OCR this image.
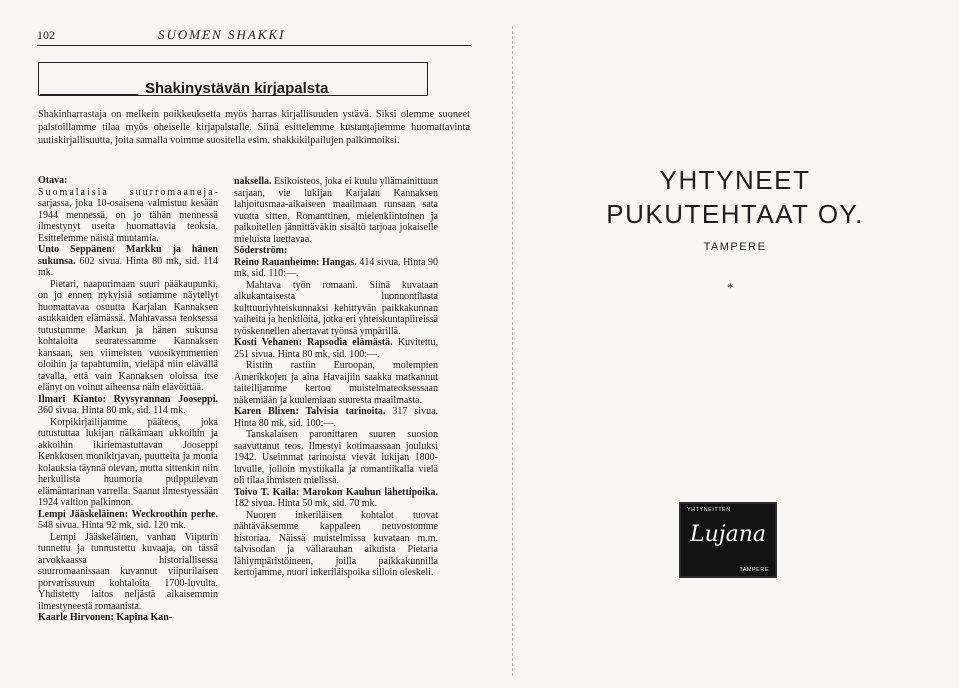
102	SUOMEN SHAKKI
Shakinystävän kirjapalsta
Shakinharrastaja on melkein poikkeuksetta myös harras kirjallisuuden ystävä. Siksi olemme suoneet palstoillamme tilaa myös oheiselle kirjapalstalle. Siinä esittelemme kustantajiemme huomattavinta uutiskirjallisuutta, joita samalla voimme suositella esim. shakkikilpailujen palkinnoiksi.

Otava:

Suomalaisia suurromaaneja-sarjassa, joka 10-osaisena valmistuu kesään 1944 mennessä, on jo tähän mennessä ilmestynyt useita huomattavia teoksia. Esittelemme näistä muutamia.

Unto Seppänen: Markku ja hänen sukunsa. 602 sivua. Hinta 80 mk, sid. 114 mk.

Pietari, naapurimaan suuri pääkaupunki, on jo ennen nykyisiä sotiamme näytellyt huomattavaa osuutta Karjalan Kannaksen asukkaiden elämässä. Mahtavassa teoksessa tutustumme Markun ja hänen sukunsa kohtaloita seuratessamme Kannaksen kansaan, sen viimeisten vuosikymmenien oloihin ja tapahtumiin, vieläpä niin elävällä tavalla, että vain Kannaksen oloissa itse elänyt on voinut aiheensa näin elävöittää.

Ilmari Kianto: Ryysyrannan Jooseppi. 360 sivua. Hinta 80 mk, sid. 114 mk.

Korpikirjailijamme pääteos, joka tutustuttaa lukijan nälkämaan ukkoihin ja akkoihin ikiriemastuttavan Jooseppi Kenkkusen monikirjavan, puutteita ja monia kolauksia täynnä olevan, mutta sittenkin niin herkullista huumoria pulppuilevan elämäntarinan varrella. Saanut ilmestyessään 1924 valtion palkinnon.

Lempi Jääskeläinen: Weckroothin perhe. 548 sivua. Hinta 92 mk, sid. 120 mk.

Lempi Jääskeläinen, vanhan Viipurin tunnettu ja tunnustettu kuvaaja, on tässä arvokkaassa historiallisessa suurromaanissaan kuvannut viipurilaisen porvarissuvun kohtaloita 1700-luvulta. Yhdistetty laitos neljästä aikaisemmin ilmestyneestä romaanista.

Kaarle Hirvonen: Kapina Kan-

naksella. Esikoisteos, joka ei kuulu yllämainittuun sarjaan, vie lukijan Karjalan Kannaksen lahjoitusmaa-aikaiseen maailmaan runsaan sata vuotta sitten. Romanttinen, mielenkiintoinen ja paikoitellen jännittäväkin sisältö tarjoaa jokaiselle mieluista luettavaa.

Söderström:

Reino Rauanheimo: Hangas. 414 sivua. Hinta 90 mk, sid. 110:—.

Mahtava työn romaani. Siinä kuvataan alkukantaisesta luonnontilasta kulttuuriyhteiskunnaksi kehittyvän paikkakunnan vaiheita ja henkilöitä, jotka eri yhteiskuntapiireissä työskennellen ahertavat työnsä ympärillä.

Kosti Vehanen: Rapsodia elämästä. Kuvitettu, 251 sivua. Hinta 80 mk, sid. 100:—.

Ristiin rastiin Euroopan, molempien Amerikkojen ja aina Havaijiin saakka matkannut taiteilijamme kertoo muistelmateoksessaan näkemiään ja kuulemiaan suuresta maailmasta.

Karen Blixen: Talvisia tarinoita. 317 sivua. Hinta 80 mk, sid. 100:—.

Tanskalaisen paronittaren suuren suosion saavuttanut teos. Ilmestyi kotimaassaan jouluksi 1942. Useimmat tarinoista vievät lukijan 1800-luvulle, jolloin mystiikalla ja romantiikalla vielä oli tilaa ihmisten mielissä.

Toivo T. Kaila: Marokon Kauhun lähettipoika. 182 sivua. Hinta 50 mk, sid. 70 mk.

Nuoren inkeriläisen kohtalot tuovat nähtäväksemme kappaleen neuvostomme historiaa. Näissä muistelmissa kuvataan m.m. talvisodan ja väliarauhan aikuista Pietaria lähiympäristöineen, joilla paikkakunnilla kertojamme, nuori inkeriläispoika silloin oleskeli.

YHTYNEET
PUKUTEHTAAT OY.
TAMPERE
*
YHTYNEITTEN
Lujana
TAMPERE
